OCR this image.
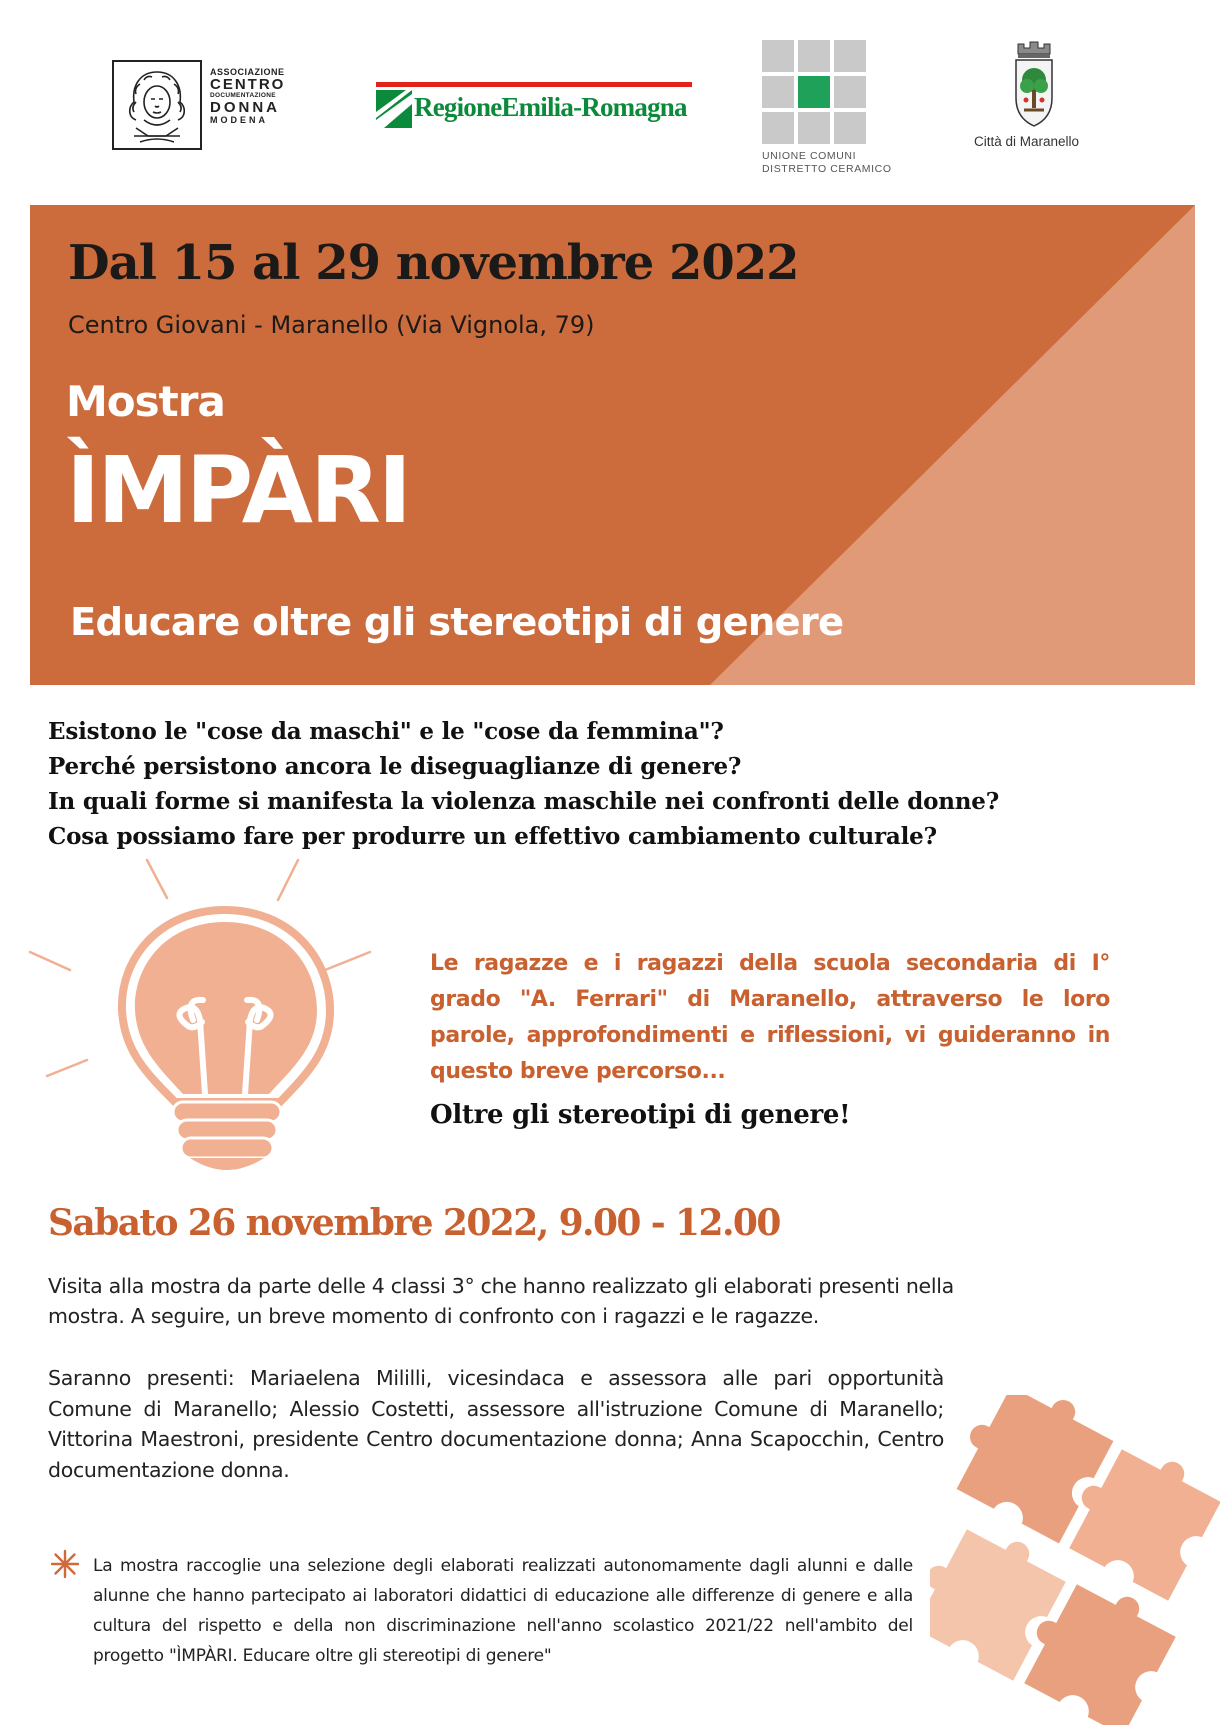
ASSOCIAZIONE
CENTRO
DOCUMENTAZIONE
DONNA
MODENA	RegioneEmilia-Romagna
UNIONE COMUNI
DISTRETTO CERAMICO
Città di Maranello
Dal 15 al 29 novembre 2022
Centro Giovani - Maranello (Via Vignola, 79)
Mostra
ÌMPÀRI
Educare oltre gli stereotipi di genere
Esistono le "cose da maschi" e le "cose da femmina"?
Perché persistono ancora le diseguaglianze di genere?
In quali forme si manifesta la violenza maschile nei confronti delle donne?
Cosa possiamo fare per produrre un effettivo cambiamento culturale?
Le ragazze e i ragazzi della scuola secondaria di I° grado "A. Ferrari" di Maranello, attraverso le loro parole, approfondimenti e riflessioni, vi guideranno in questo breve percorso...
Oltre gli stereotipi di genere!
Sabato 26 novembre 2022, 9.00 - 12.00
Visita alla mostra da parte delle 4 classi 3° che hanno realizzato gli elaborati presenti nella mostra. A seguire, un breve momento di confronto con i ragazzi e le ragazze.
Saranno presenti: Mariaelena Mililli, vicesindaca e assessora alle pari opportunità Comune di Maranello; Alessio Costetti, assessore all'istruzione Comune di Maranello; Vittorina Maestroni, presidente Centro documentazione donna; Anna Scapocchin, Centro documentazione donna.
La mostra raccoglie una selezione degli elaborati realizzati autonomamente dagli alunni e dalle alunne che hanno partecipato ai laboratori didattici di educazione alle differenze di genere e alla cultura del rispetto e della non discriminazione nell'anno scolastico 2021/22 nell'ambito del progetto "ÌMPÀRI. Educare oltre gli stereotipi di genere"
